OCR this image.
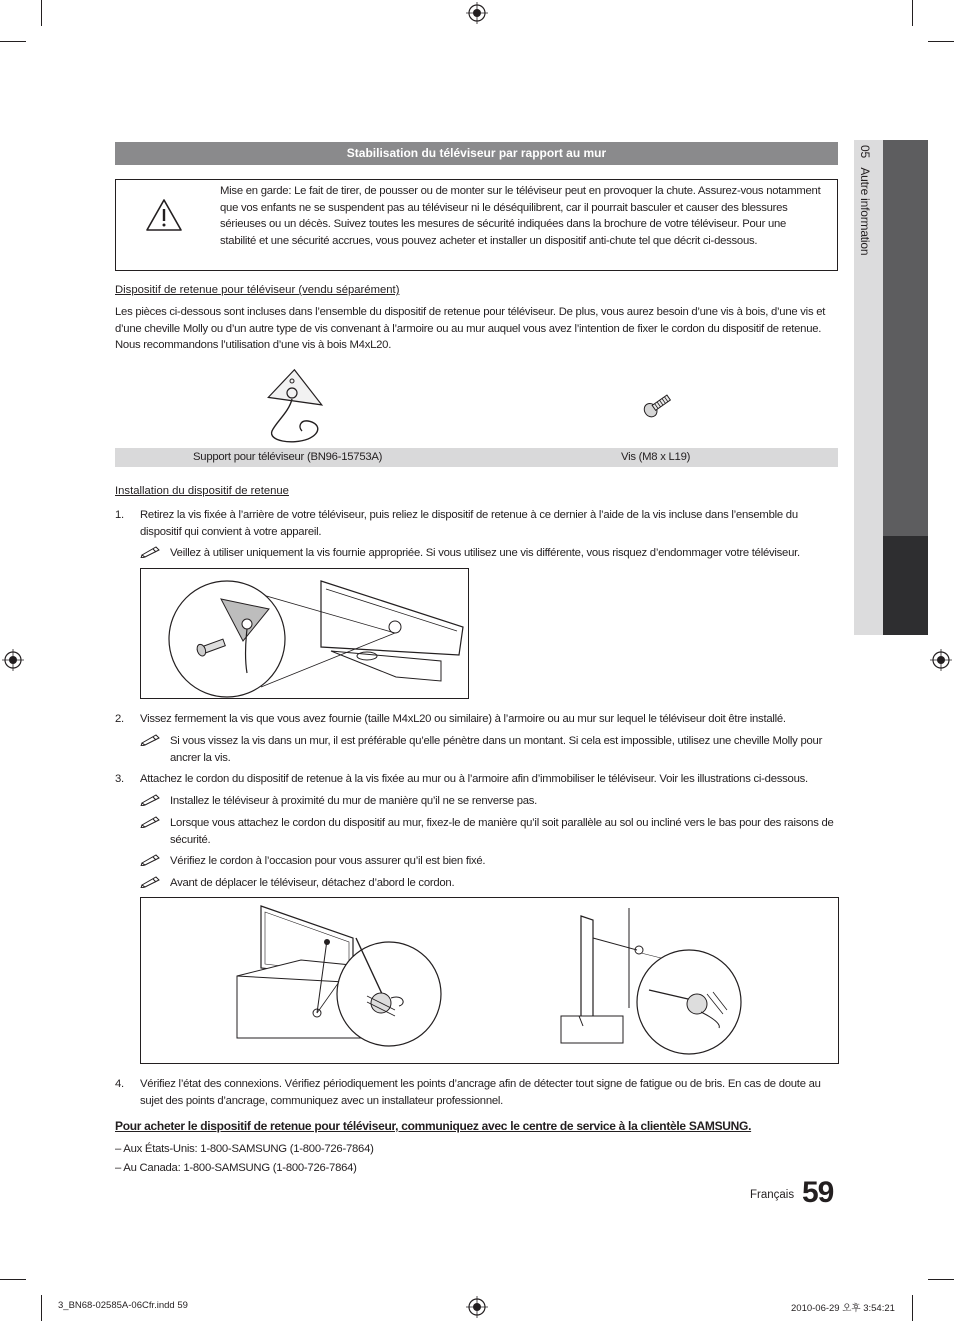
05   Autre information
Stabilisation du téléviseur par rapport au mur
Mise en garde: Le fait de tirer, de pousser ou de monter sur le téléviseur peut en provoquer la chute. Assurez-vous notamment que vos enfants ne se suspendent pas au téléviseur ni le déséquilibrent, car il pourrait basculer et causer des blessures sérieuses ou un décès. Suivez toutes les mesures de sécurité indiquées dans la brochure de votre téléviseur. Pour une stabilité et une sécurité accrues, vous pouvez acheter et installer un dispositif anti-chute tel que décrit ci-dessous.
Dispositif de retenue pour téléviseur (vendu séparément)
Les pièces ci-dessous sont incluses dans l’ensemble du dispositif de retenue pour téléviseur. De plus, vous aurez besoin d’une vis à bois, d’une vis et d’une cheville Molly ou d’un autre type de vis convenant à l’armoire ou au mur auquel vous avez l’intention de fixer le cordon du dispositif de retenue. Nous recommandons l’utilisation d’une vis à bois M4xL20.
Support pour téléviseur (BN96-15753A)	Vis (M8 x L19)
Installation du dispositif de retenue
1. Retirez la vis fixée à l’arrière de votre téléviseur, puis reliez le dispositif de retenue à ce dernier à l’aide de la vis incluse dans l’ensemble du dispositif qui convient à votre appareil.
Veillez à utiliser uniquement la vis fournie appropriée. Si vous utilisez une vis différente, vous risquez d’endommager votre téléviseur.
2. Vissez fermement la vis que vous avez fournie (taille M4xL20 ou similaire) à l’armoire ou au mur sur lequel le téléviseur doit être installé.
Si vous vissez la vis dans un mur, il est préférable qu’elle pénètre dans un montant. Si cela est impossible, utilisez une cheville Molly pour ancrer la vis.
3. Attachez le cordon du dispositif de retenue à la vis fixée au mur ou à l’armoire afin d’immobiliser le téléviseur. Voir les illustrations ci-dessous.
Installez le téléviseur à proximité du mur de manière qu’il ne se renverse pas.
Lorsque vous attachez le cordon du dispositif au mur, fixez-le de manière qu’il soit parallèle au sol ou incliné vers le bas pour des raisons de sécurité.
Vérifiez le cordon à l’occasion pour vous assurer qu’il est bien fixé.
Avant de déplacer le téléviseur, détachez d’abord le cordon.
4. Vérifiez l’état des connexions. Vérifiez périodiquement les points d’ancrage afin de détecter tout signe de fatigue ou de bris. En cas de doute au sujet des points d’ancrage, communiquez avec un installateur professionnel.
Pour acheter le dispositif de retenue pour téléviseur, communiquez avec le centre de service à la clientèle SAMSUNG.
– Aux États-Unis: 1-800-SAMSUNG (1-800-726-7864)
– Au Canada: 1-800-SAMSUNG (1-800-726-7864)
Français 59
3_BN68-02585A-06Cfr.indd 59	2010-06-29 오후 3:54:21
